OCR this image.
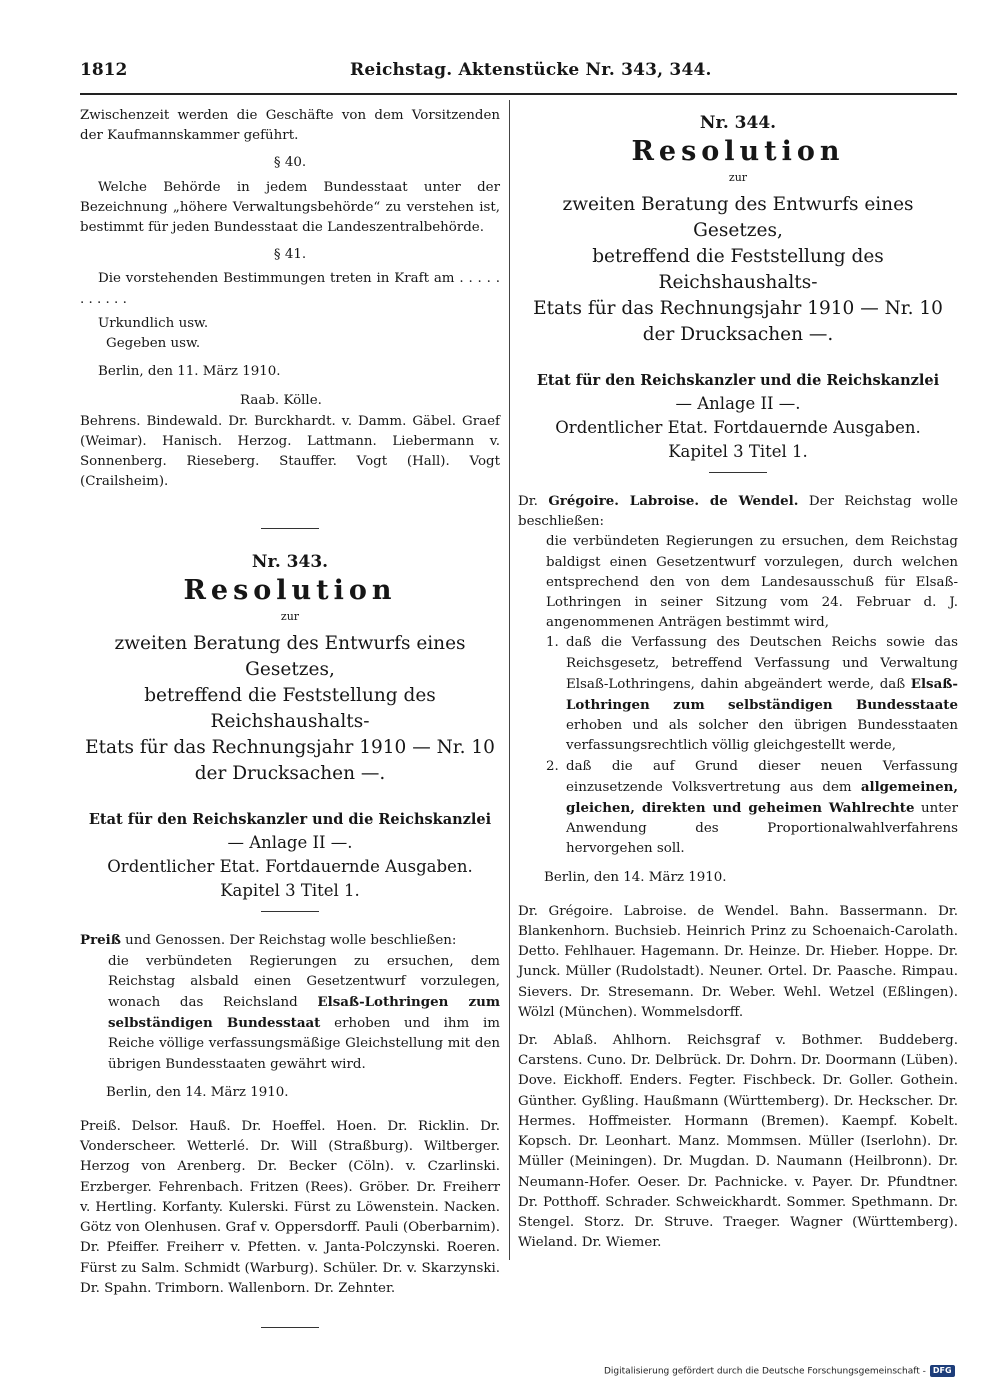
1812	Reichstag. Aktenstücke Nr. 343, 344.

Zwischenzeit werden die Geschäfte von dem Vorsitzenden der Kaufmannskammer geführt.

§ 40.

Welche Behörde in jedem Bundesstaat unter der Bezeichnung „höhere Verwaltungsbehörde“ zu verstehen ist, bestimmt für jeden Bundesstaat die Landeszentralbehörde.

§ 41.

Die vorstehenden Bestimmungen treten in Kraft am . . . . . . . . . . .

Urkundlich usw.

Gegeben usw.

Berlin, den 11. März 1910.

Raab. Kölle.

Behrens. Bindewald. Dr. Burckhardt. v. Damm. Gäbel. Graef (Weimar). Hanisch. Herzog. Lattmann. Liebermann v. Sonnenberg. Rieseberg. Stauffer. Vogt (Hall). Vogt (Crailsheim).

Nr. 343.

Resolution

zur

zweiten Beratung des Entwurfs eines Gesetzes,

betreffend die Feststellung des Reichshaushalts-

Etats für das Rechnungsjahr 1910 — Nr. 10

der Drucksachen —.

Etat für den Reichskanzler und die Reichskanzlei

— Anlage II —.

Ordentlicher Etat. Fortdauernde Ausgaben.

Kapitel 3 Titel 1.

Preiß und Genossen. Der Reichstag wolle beschließen:

die verbündeten Regierungen zu ersuchen, dem Reichstag alsbald einen Gesetzentwurf vorzulegen, wonach das Reichsland Elsaß-Lothringen zum selbständigen Bundesstaat erhoben und ihm im Reiche völlige verfassungsmäßige Gleichstellung mit den übrigen Bundesstaaten gewährt wird.

Berlin, den 14. März 1910.

Preiß. Delsor. Hauß. Dr. Hoeffel. Hoen. Dr. Ricklin. Dr. Vonderscheer. Wetterlé. Dr. Will (Straßburg). Wiltberger. Herzog von Arenberg. Dr. Becker (Cöln). v. Czarlinski. Erzberger. Fehrenbach. Fritzen (Rees). Gröber. Dr. Freiherr v. Hertling. Korfanty. Kulerski. Fürst zu Löwenstein. Nacken. Götz von Olenhusen. Graf v. Oppersdorff. Pauli (Oberbarnim). Dr. Pfeiffer. Freiherr v. Pfetten. v. Janta-Polczynski. Roeren. Fürst zu Salm. Schmidt (Warburg). Schüler. Dr. v. Skarzynski. Dr. Spahn. Trimborn. Wallenborn. Dr. Zehnter.

Nr. 344.

Resolution

zur

zweiten Beratung des Entwurfs eines Gesetzes,

betreffend die Feststellung des Reichshaushalts-

Etats für das Rechnungsjahr 1910 — Nr. 10

der Drucksachen —.

Etat für den Reichskanzler und die Reichskanzlei

— Anlage II —.

Ordentlicher Etat. Fortdauernde Ausgaben.

Kapitel 3 Titel 1.

Dr. Grégoire. Labroise. de Wendel. Der Reichstag wolle beschließen:

die verbündeten Regierungen zu ersuchen, dem Reichstag baldigst einen Gesetzentwurf vorzulegen, durch welchen entsprechend den von dem Landesausschuß für Elsaß-Lothringen in seiner Sitzung vom 24. Februar d. J. angenommenen Anträgen bestimmt wird,

1. daß die Verfassung des Deutschen Reichs sowie das Reichsgesetz, betreffend Verfassung und Verwaltung Elsaß-Lothringens, dahin abgeändert werde, daß Elsaß-Lothringen zum selbständigen Bundesstaate erhoben und als solcher den übrigen Bundesstaaten verfassungsrechtlich völlig gleichgestellt werde,

2. daß die auf Grund dieser neuen Verfassung einzusetzende Volksvertretung aus dem allgemeinen, gleichen, direkten und geheimen Wahlrechte unter Anwendung des Proportionalwahlverfahrens hervorgehen soll.

Berlin, den 14. März 1910.

Dr. Grégoire. Labroise. de Wendel. Bahn. Bassermann. Dr. Blankenhorn. Buchsieb. Heinrich Prinz zu Schoenaich-Carolath. Detto. Fehlhauer. Hagemann. Dr. Heinze. Dr. Hieber. Hoppe. Dr. Junck. Müller (Rudolstadt). Neuner. Ortel. Dr. Paasche. Rimpau. Sievers. Dr. Stresemann. Dr. Weber. Wehl. Wetzel (Eßlingen). Wölzl (München). Wommelsdorff.

Dr. Ablaß. Ahlhorn. Reichsgraf v. Bothmer. Buddeberg. Carstens. Cuno. Dr. Delbrück. Dr. Dohrn. Dr. Doormann (Lüben). Dove. Eickhoff. Enders. Fegter. Fischbeck. Dr. Goller. Gothein. Günther. Gyßling. Haußmann (Württemberg). Dr. Heckscher. Dr. Hermes. Hoffmeister. Hormann (Bremen). Kaempf. Kobelt. Kopsch. Dr. Leonhart. Manz. Mommsen. Müller (Iserlohn). Dr. Müller (Meiningen). Dr. Mugdan. D. Naumann (Heilbronn). Dr. Neumann-Hofer. Oeser. Dr. Pachnicke. v. Payer. Dr. Pfundtner. Dr. Potthoff. Schrader. Schweickhardt. Sommer. Spethmann. Dr. Stengel. Storz. Dr. Struve. Traeger. Wagner (Württemberg). Wieland. Dr. Wiemer.

Digitalisierung gefördert durch die Deutsche Forschungsgemeinschaft - DFG
